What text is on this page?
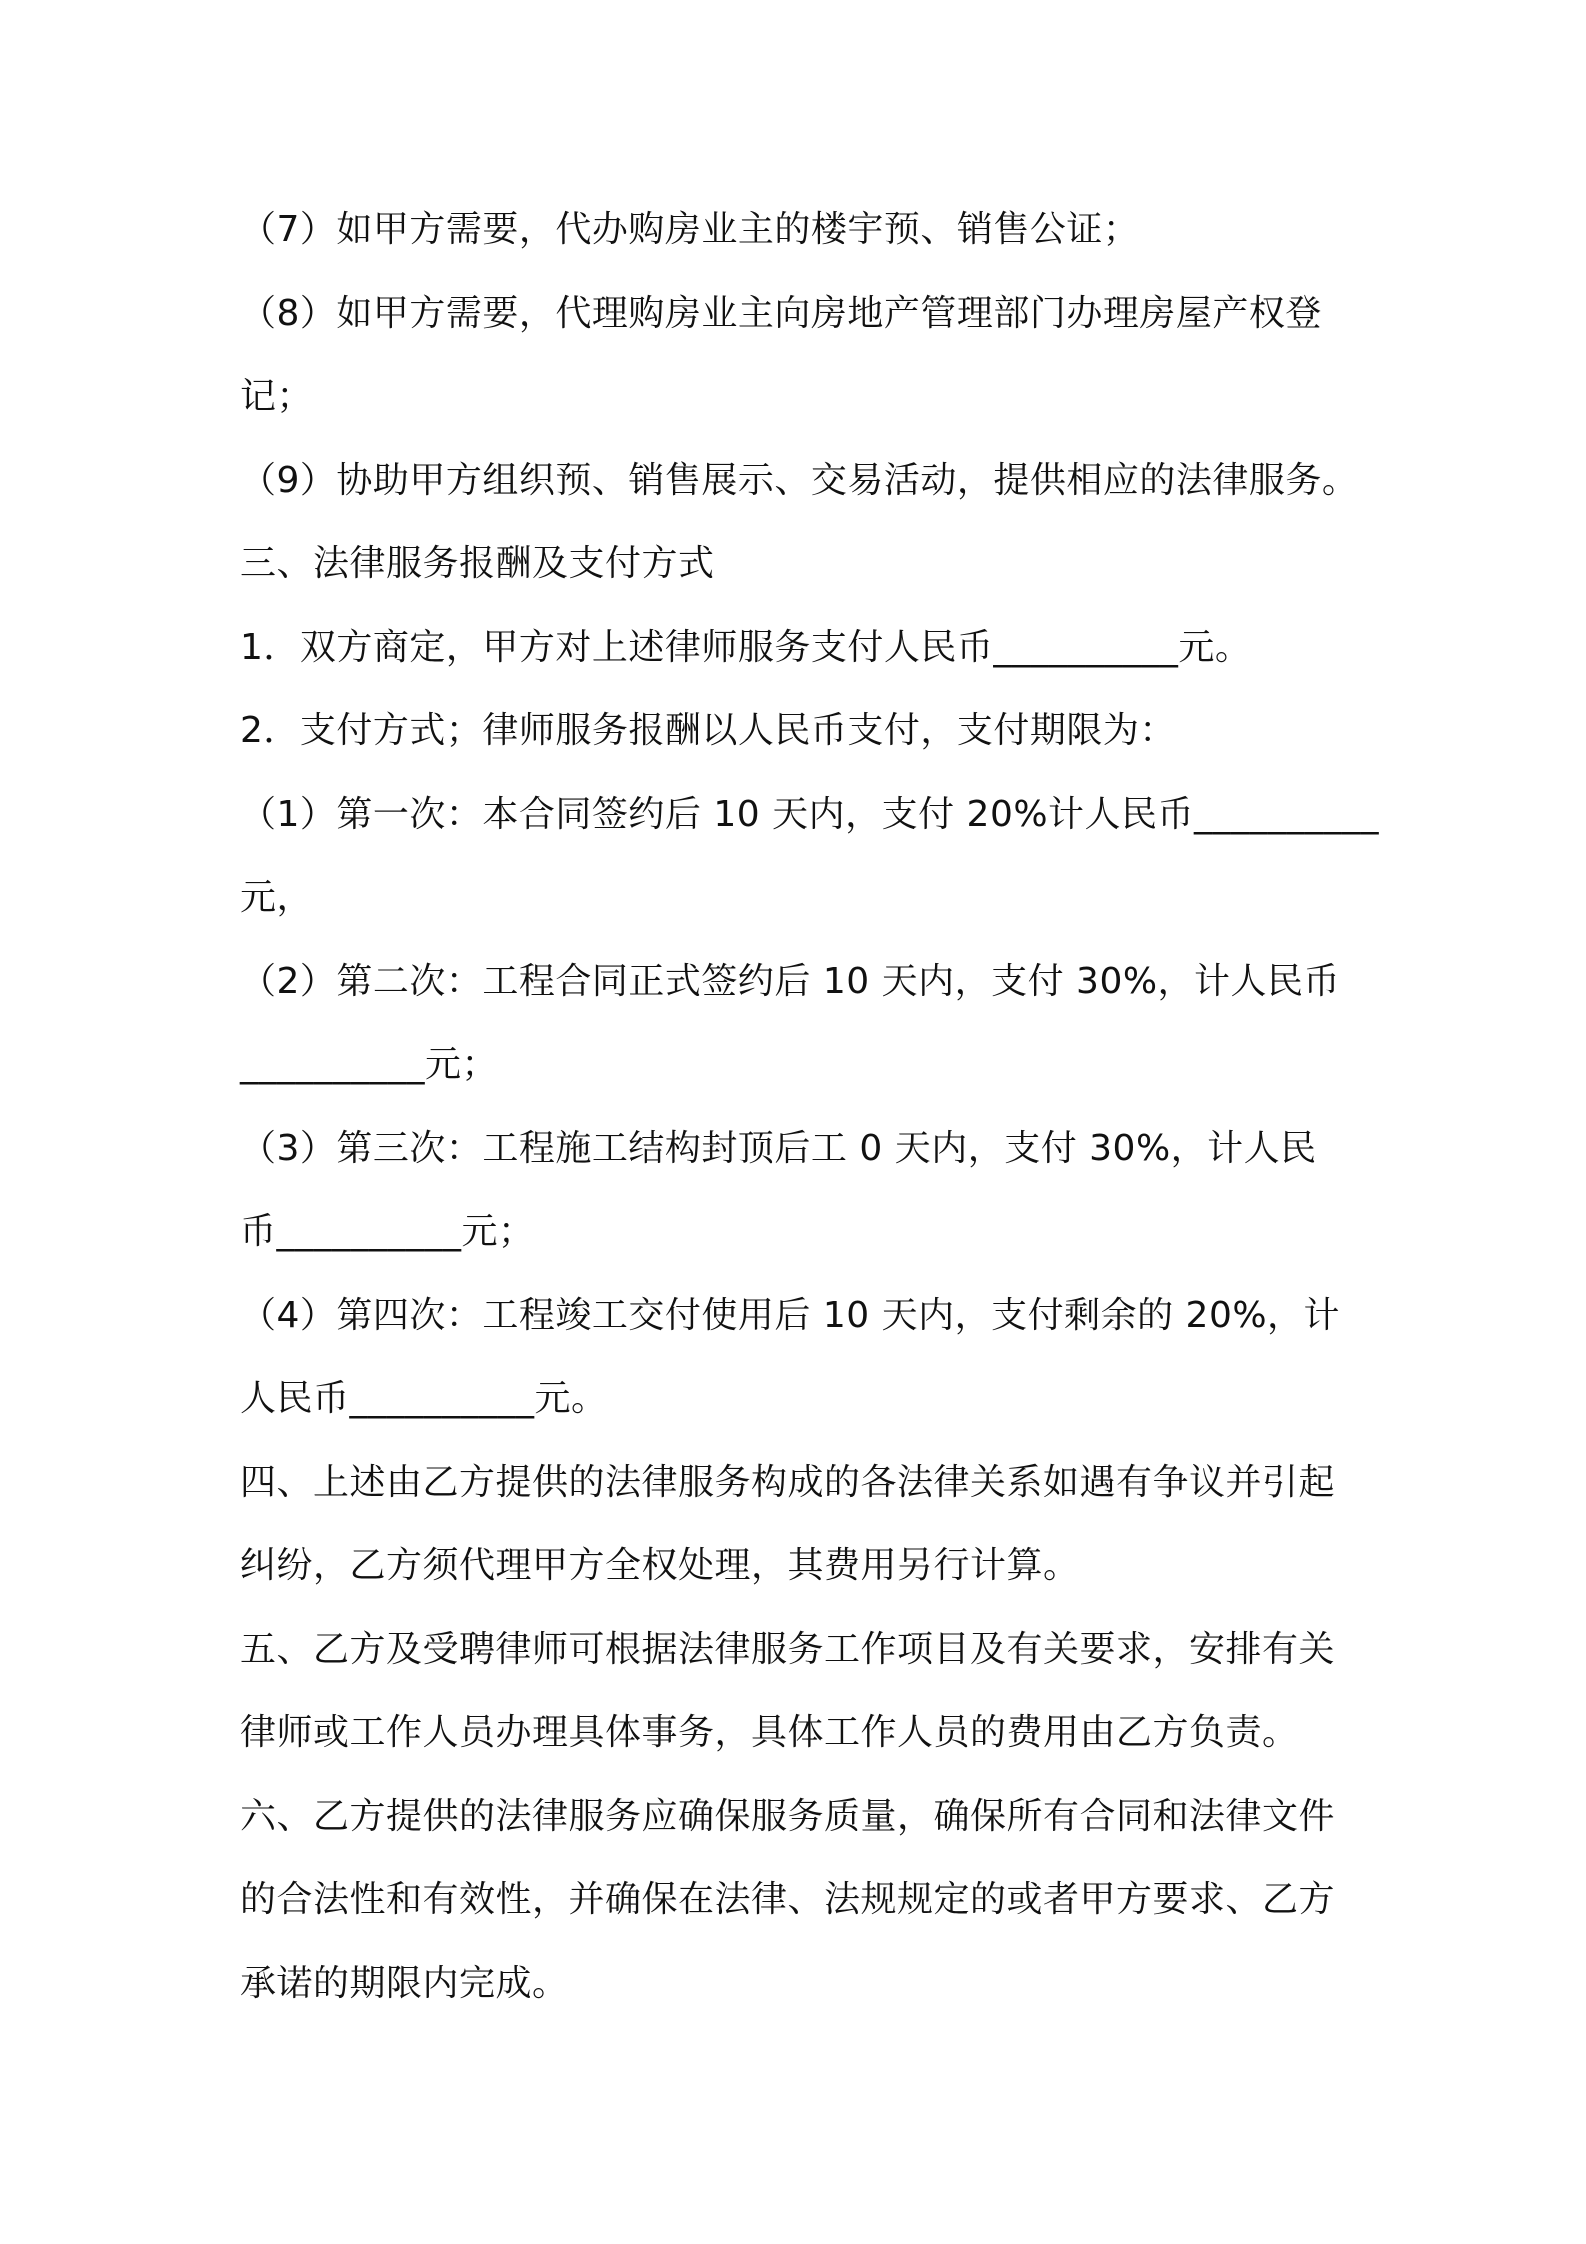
（7）如甲方需要，代办购房业主的楼宇预、销售公证；
（8）如甲方需要，代理购房业主向房地产管理部门办理房屋产权登
记；
（9）协助甲方组织预、销售展示、交易活动，提供相应的法律服务。
三、法律服务报酬及支付方式
1．双方商定，甲方对上述律师服务支付人民币__________元。
2．支付方式；律师服务报酬以人民币支付，支付期限为：
（1）第一次：本合同签约后 10 天内，支付 20%计人民币__________
元，
（2）第二次：工程合同正式签约后 10 天内，支付 30%，计人民币
__________元；
（3）第三次：工程施工结构封顶后工 0 天内，支付 30%，计人民
币__________元；
（4）第四次：工程竣工交付使用后 10 天内，支付剩余的 20%，计
人民币__________元。
四、上述由乙方提供的法律服务构成的各法律关系如遇有争议并引起
纠纷，乙方须代理甲方全权处理，其费用另行计算。
五、乙方及受聘律师可根据法律服务工作项目及有关要求，安排有关
律师或工作人员办理具体事务，具体工作人员的费用由乙方负责。
六、乙方提供的法律服务应确保服务质量，确保所有合同和法律文件
的合法性和有效性，并确保在法律、法规规定的或者甲方要求、乙方
承诺的期限内完成。
